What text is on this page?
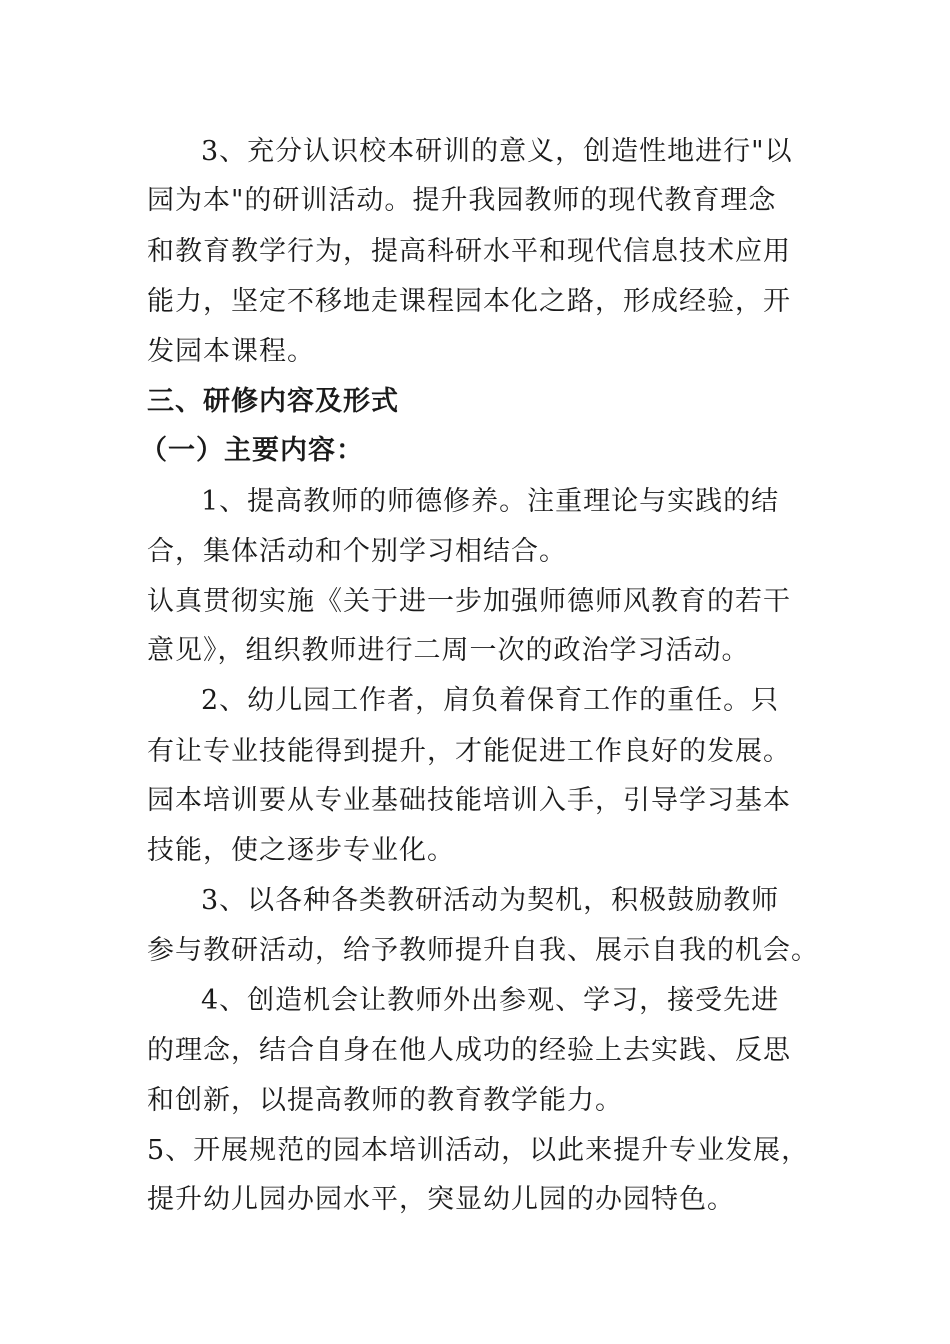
3、充分认识校本研训的意义，创造性地进行"以

园为本"的研训活动。提升我园教师的现代教育理念

和教育教学行为，提高科研水平和现代信息技术应用

能力，坚定不移地走课程园本化之路，形成经验，开

发园本课程。

三、研修内容及形式

（一）主要内容：

1、提高教师的师德修养。注重理论与实践的结

合，集体活动和个别学习相结合。

认真贯彻实施《关于进一步加强师德师风教育的若干

意见》，组织教师进行二周一次的政治学习活动。

2、幼儿园工作者，肩负着保育工作的重任。只

有让专业技能得到提升，才能促进工作良好的发展。

园本培训要从专业基础技能培训入手，引导学习基本

技能，使之逐步专业化。

3、以各种各类教研活动为契机，积极鼓励教师

参与教研活动，给予教师提升自我、展示自我的机会。

4、创造机会让教师外出参观、学习，接受先进

的理念，结合自身在他人成功的经验上去实践、反思

和创新，以提高教师的教育教学能力。

5、开展规范的园本培训活动，以此来提升专业发展，

提升幼儿园办园水平，突显幼儿园的办园特色。
